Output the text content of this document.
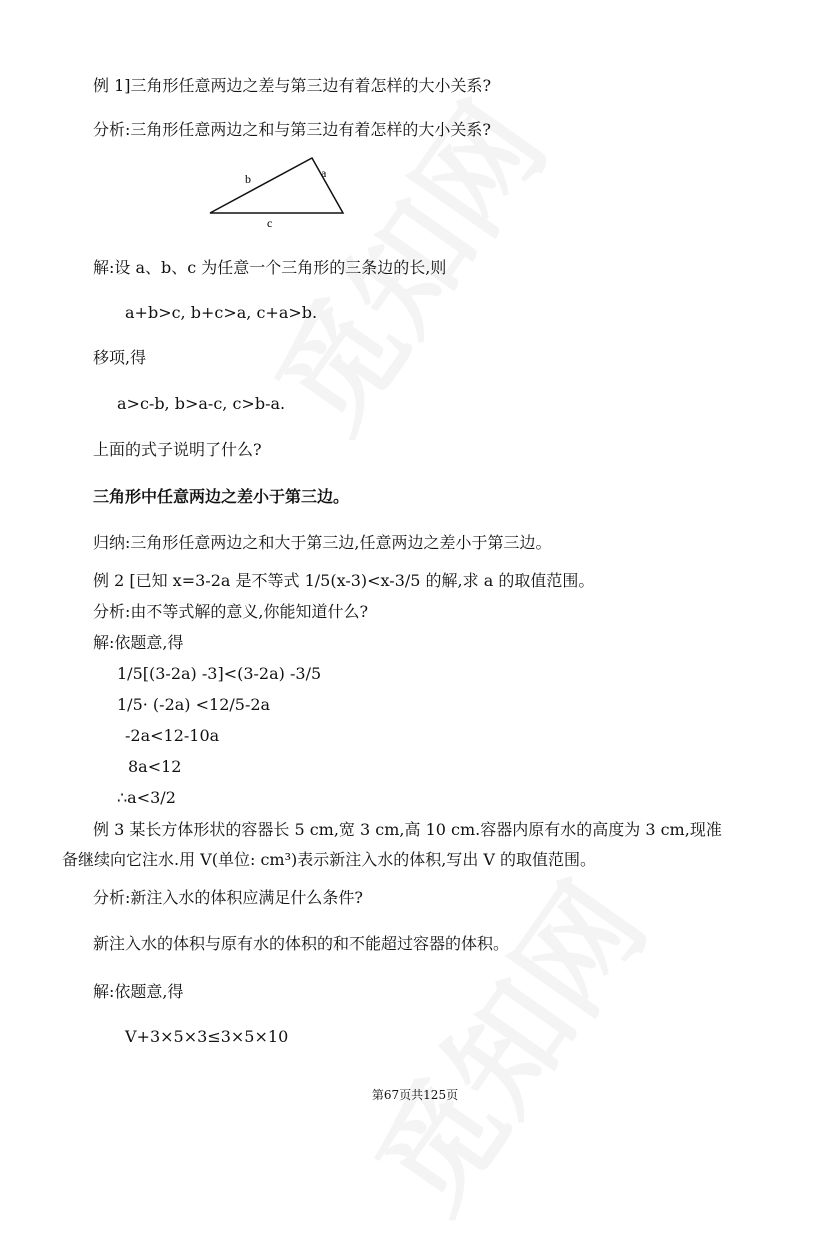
例 1]三角形任意两边之差与第三边有着怎样的大小关系?
分析:三角形任意两边之和与第三边有着怎样的大小关系?
b	a
c
解:设 a、b、c 为任意一个三角形的三条边的长,则
a+b>c, b+c>a, c+a>b.
移项,得
a>c-b, b>a-c, c>b-a.
上面的式子说明了什么?
三角形中任意两边之差小于第三边。
归纳:三角形任意两边之和大于第三边,任意两边之差小于第三边。
例 2 [已知 x=3-2a 是不等式 1/5(x-3)<x-3/5 的解,求 a 的取值范围。
分析:由不等式解的意义,你能知道什么?
解:依题意,得
1/5[(3-2a) -3]<(3-2a) -3/5
1/5· (-2a) <12/5-2a
-2a<12-10a
8a<12
∴a<3/2
例 3 某长方体形状的容器长 5 cm,宽 3 cm,高 10 cm.容器内原有水的高度为 3 cm,现准
备继续向它注水.用 V(单位: cm³)表示新注入水的体积,写出 V 的取值范围。
分析:新注入水的体积应满足什么条件?
新注入水的体积与原有水的体积的和不能超过容器的体积。
解:依题意,得
V+3×5×3≤3×5×10
第67页共125页
